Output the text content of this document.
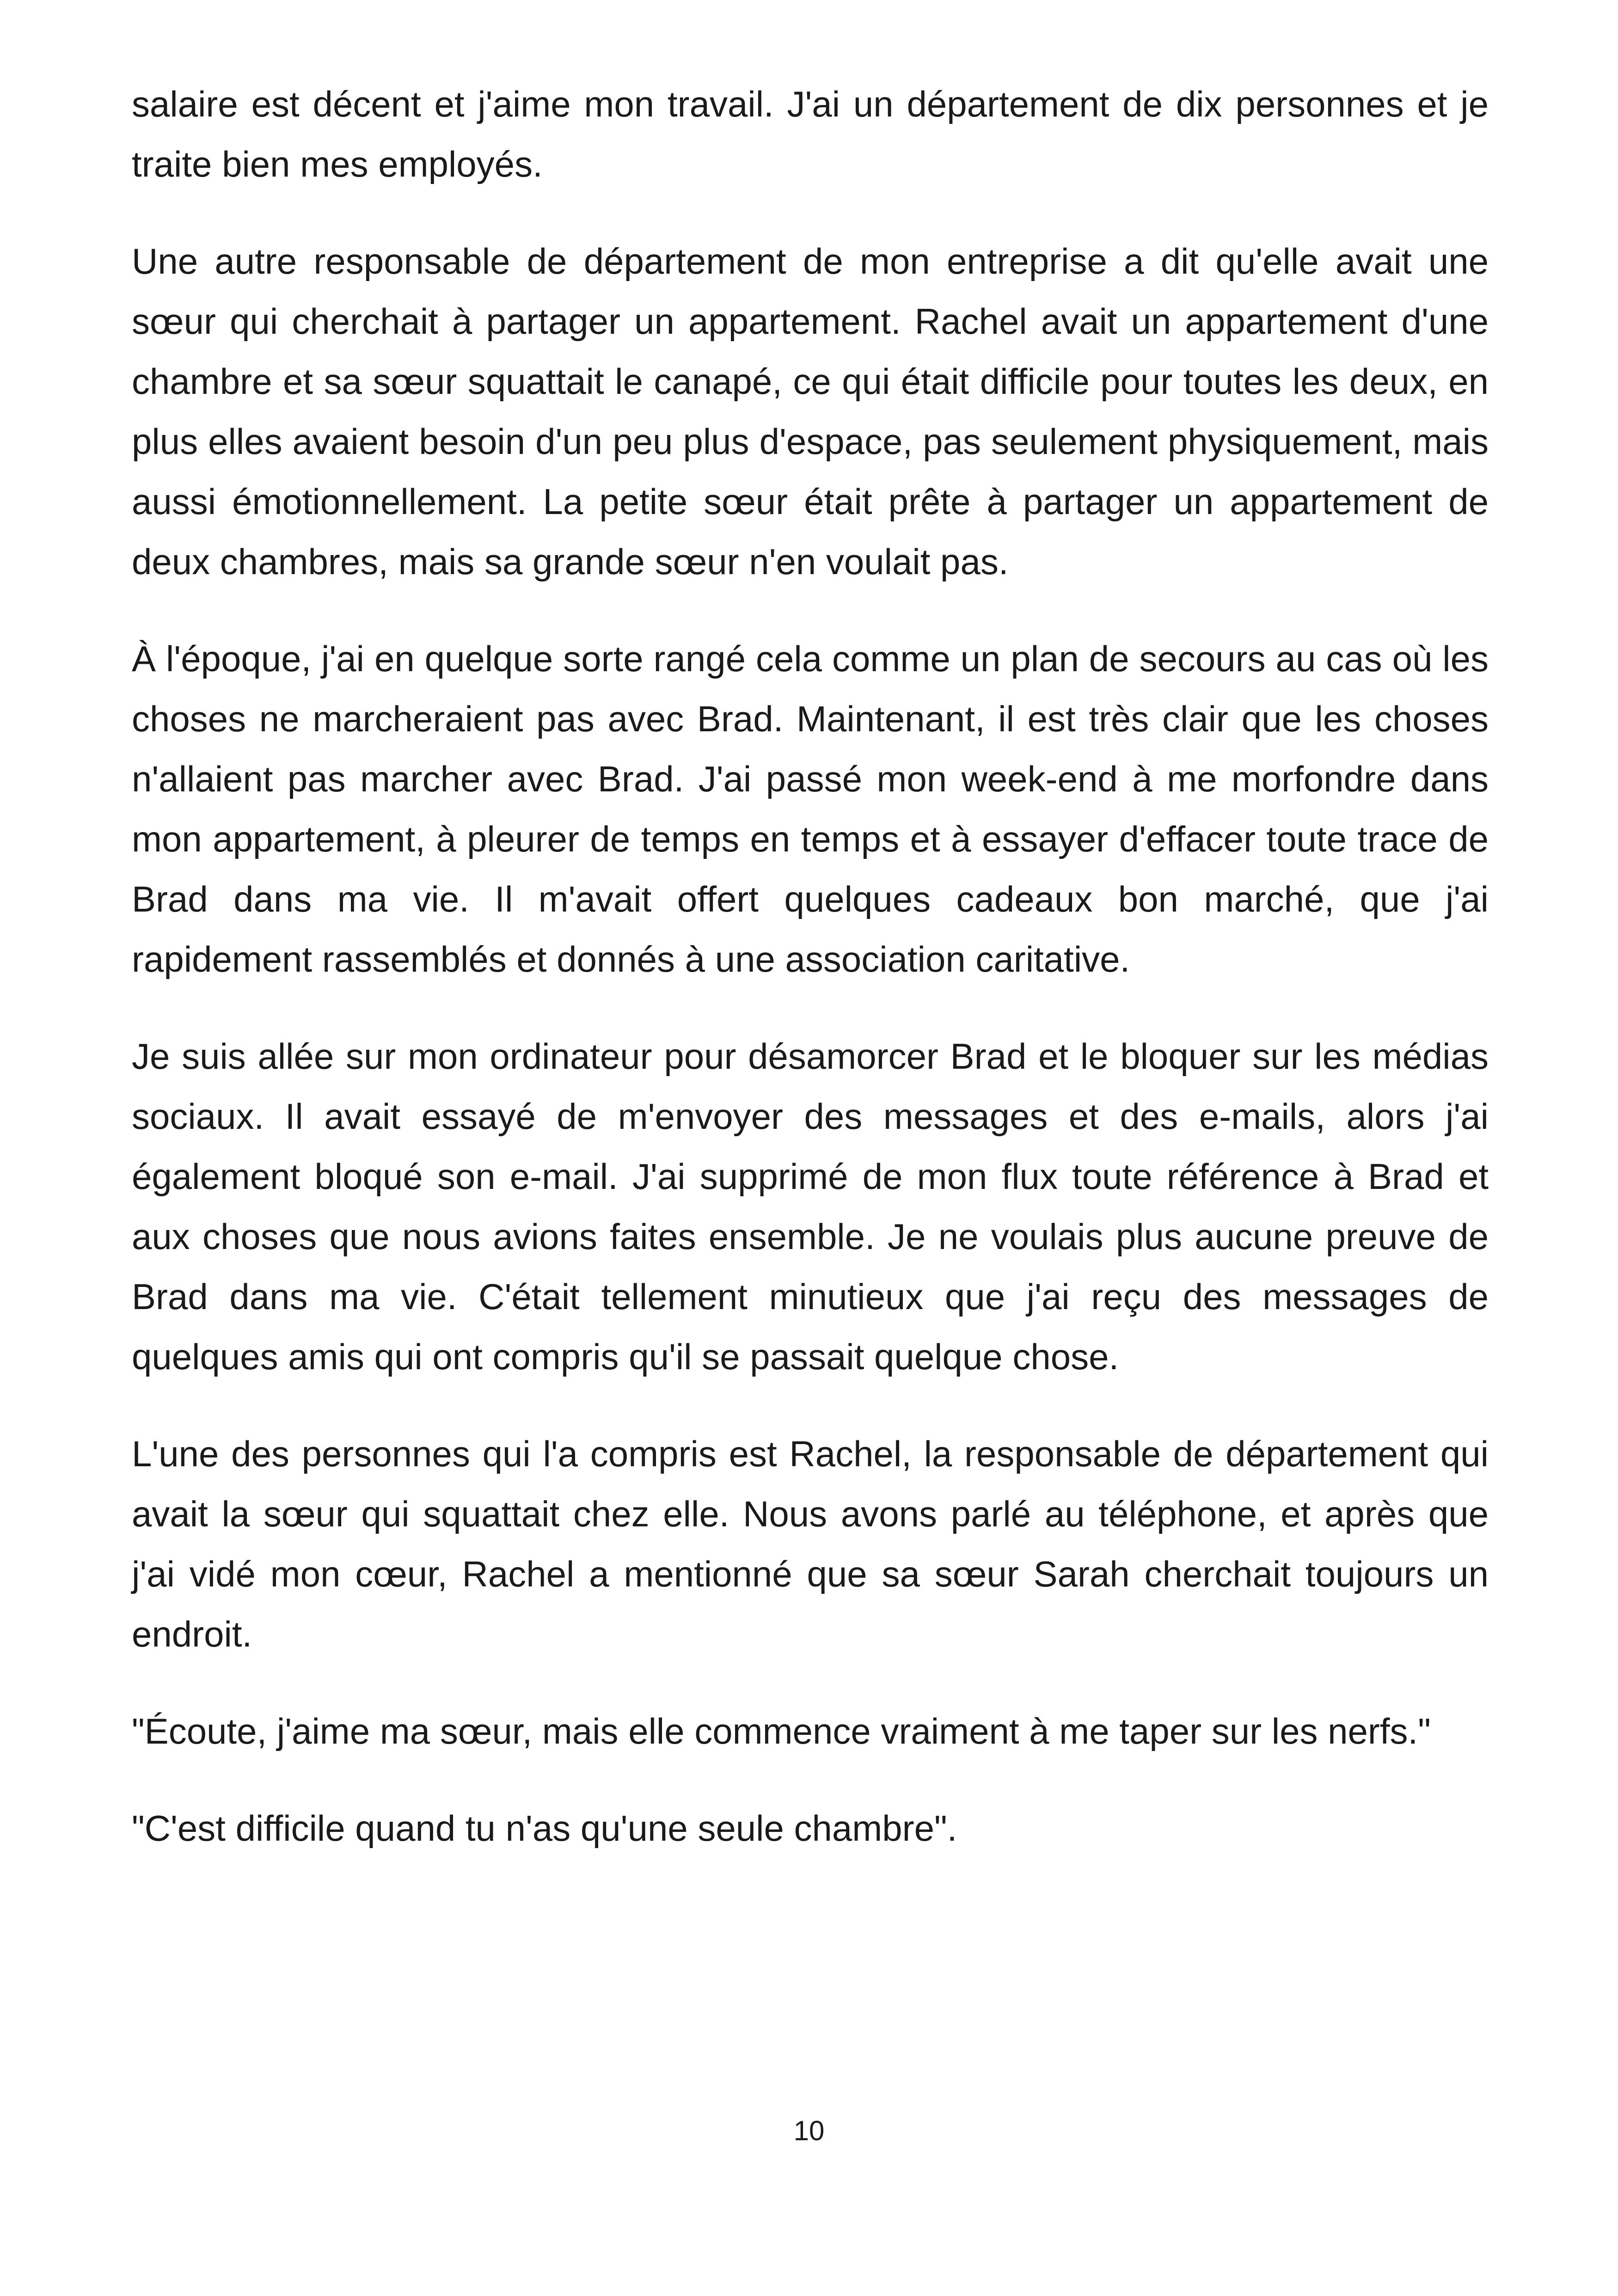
salaire est décent et j'aime mon travail. J'ai un département de dix personnes et je traite bien mes employés.

Une autre responsable de département de mon entreprise a dit qu'elle avait une sœur qui cherchait à partager un appartement. Rachel avait un appartement d'une chambre et sa sœur squattait le canapé, ce qui était difficile pour toutes les deux, en plus elles avaient besoin d'un peu plus d'espace, pas seulement physiquement, mais aussi émotionnellement. La petite sœur était prête à partager un appartement de deux chambres, mais sa grande sœur n'en voulait pas.

À l'époque, j'ai en quelque sorte rangé cela comme un plan de secours au cas où les choses ne marcheraient pas avec Brad. Maintenant, il est très clair que les choses n'allaient pas marcher avec Brad. J'ai passé mon week-end à me morfondre dans mon appartement, à pleurer de temps en temps et à essayer d'effacer toute trace de Brad dans ma vie. Il m'avait offert quelques cadeaux bon marché, que j'ai rapidement rassemblés et donnés à une association caritative.

Je suis allée sur mon ordinateur pour désamorcer Brad et le bloquer sur les médias sociaux. Il avait essayé de m'envoyer des messages et des e-mails, alors j'ai également bloqué son e-mail. J'ai supprimé de mon flux toute référence à Brad et aux choses que nous avions faites ensemble. Je ne voulais plus aucune preuve de Brad dans ma vie. C'était tellement minutieux que j'ai reçu des messages de quelques amis qui ont compris qu'il se passait quelque chose.

L'une des personnes qui l'a compris est Rachel, la responsable de département qui avait la sœur qui squattait chez elle. Nous avons parlé au téléphone, et après que j'ai vidé mon cœur, Rachel a mentionné que sa sœur Sarah cherchait toujours un endroit.

"Écoute, j'aime ma sœur, mais elle commence vraiment à me taper sur les nerfs."

"C'est difficile quand tu n'as qu'une seule chambre".

10
